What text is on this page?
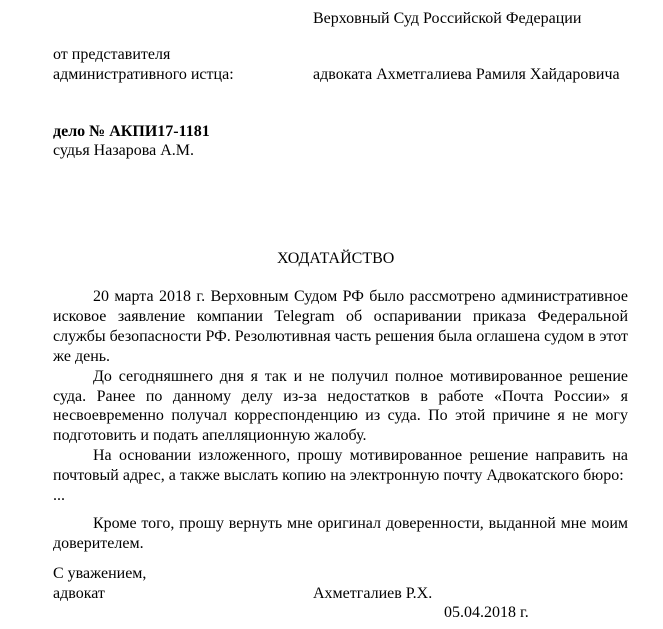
Верховный Суд Российской Федерации
от представителя
административного истца:	адвоката Ахметгалиева Рамиля Хайдаровича
дело № АКПИ17-1181
судья Назарова А.М.
ХОДАТАЙСТВО

20 марта 2018 г. Верховным Судом РФ было рассмотрено административное исковое заявление компании Telegram об оспаривании приказа Федеральной службы безопасности РФ. Резолютивная часть решения была оглашена судом в этот же день.

До сегодняшнего дня я так и не получил полное мотивированное решение суда. Ранее по данному делу из-за недостатков в работе «Почта России» я несвоевременно получал корреспонденцию из суда. По этой причине я не могу подготовить и подать апелляционную жалобу.

На основании изложенного, прошу мотивированное решение направить на почтовый адрес, а также выслать копию на электронную почту Адвокатского бюро:

...

Кроме того, прошу вернуть мне оригинал доверенности, выданной мне моим доверителем.

С уважением,
адвокат	Ахметгалиев Р.Х.
05.04.2018 г.
